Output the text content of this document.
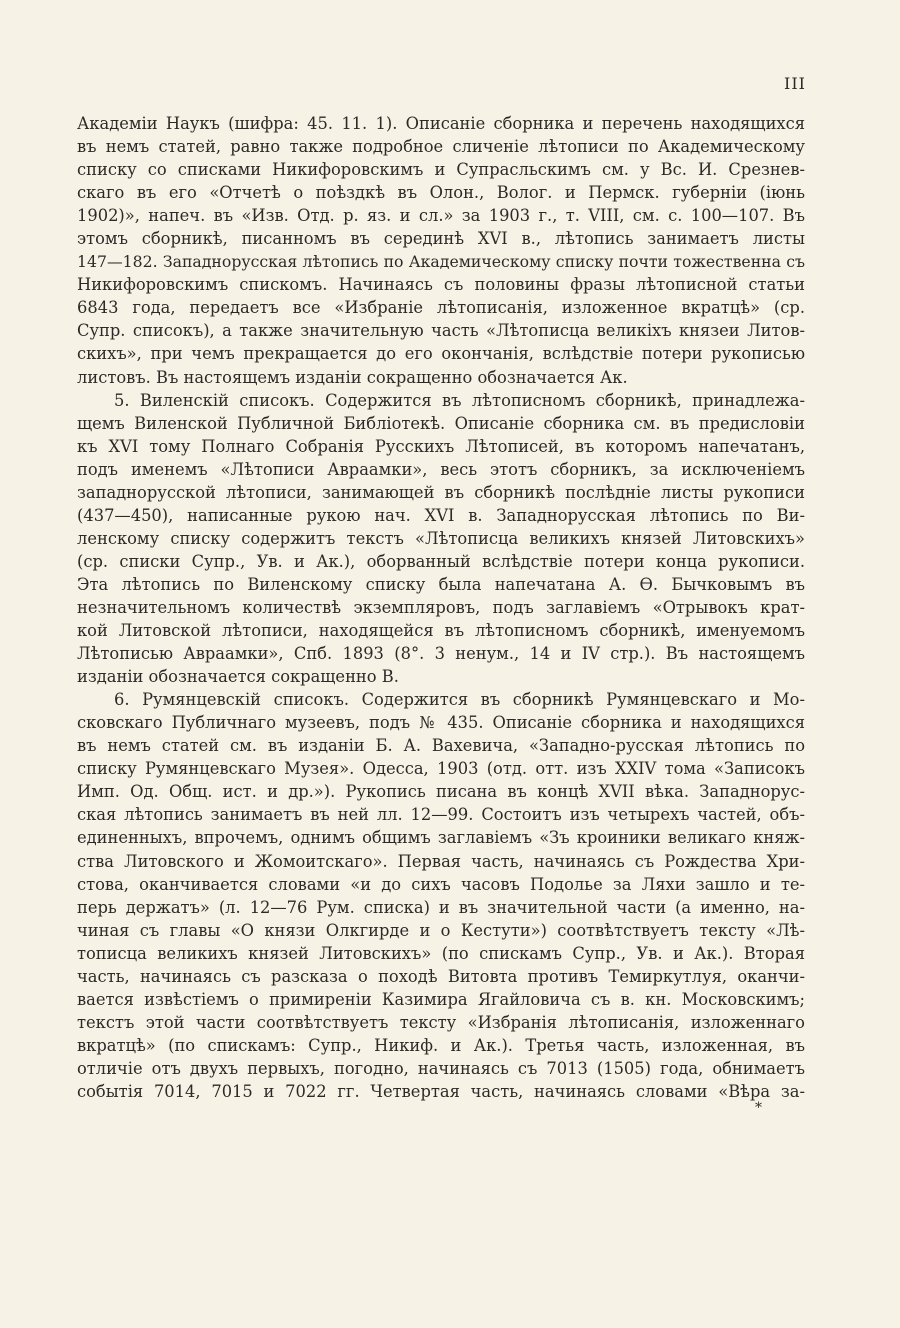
III
Академіи Наукъ (шифра: 45. 11. 1). Описаніе сборника и перечень находящихся
въ немъ статей, равно также подробное сличеніе лѣтописи по Академическому
списку со списками Никифоровскимъ и Супрасльскимъ см. у Вс. И. Срезнев-
скаго въ его «Отчетѣ о поѣздкѣ въ Олон., Волог. и Пермск. губерніи (іюнь
1902)», напеч. въ «Изв. Отд. р. яз. и сл.» за 1903 г., т. VIII, см. с. 100—107. Въ
этомъ сборникѣ, писанномъ въ серединѣ XVI в., лѣтопись занимаетъ листы
147—182. Западнорусская лѣтопись по Академическому списку почти тожественна съ
Никифоровскимъ спискомъ. Начинаясь съ половины фразы лѣтописной статьи
6843 года, передаетъ все «Избраніе лѣтописанія, изложенное вкратцѣ» (ср.
Супр. списокъ), а также значительную часть «Лѣтописца великіхъ князеи Литов-
скихъ», при чемъ прекращается до его окончанія, вслѣдствіе потери рукописью
листовъ. Въ настоящемъ изданіи сокращенно обозначается Ак.
5. Виленскій списокъ. Содержится въ лѣтописномъ сборникѣ, принадлежа-
щемъ Виленской Публичной Библіотекѣ. Описаніе сборника см. въ предисловіи
къ XVI тому Полнаго Собранія Русскихъ Лѣтописей, въ которомъ напечатанъ,
подъ именемъ «Лѣтописи Авраамки», весь этотъ сборникъ, за исключеніемъ
западнорусской лѣтописи, занимающей въ сборникѣ послѣдніе листы рукописи
(437—450), написанные рукою нач. XVI в. Западнорусская лѣтопись по Ви-
ленскому списку содержитъ текстъ «Лѣтописца великихъ князей Литовскихъ»
(ср. списки Супр., Ув. и Ак.), оборванный вслѣдствіе потери конца рукописи.
Эта лѣтопись по Виленскому списку была напечатана А. Ѳ. Бычковымъ въ
незначительномъ количествѣ экземпляровъ, подъ заглавіемъ «Отрывокъ крат-
кой Литовской лѣтописи, находящейся въ лѣтописномъ сборникѣ, именуемомъ
Лѣтописью Авраамки», Спб. 1893 (8°. 3 ненум., 14 и IV стр.). Въ настоящемъ
изданіи обозначается сокращенно В.
6. Румянцевскій списокъ. Содержится въ сборникѣ Румянцевскаго и Мо-
сковскаго Публичнаго музеевъ, подъ № 435. Описаніе сборника и находящихся
въ немъ статей см. въ изданіи Б. А. Вахевича, «Западно-русская лѣтопись по
списку Румянцевскаго Музея». Одесса, 1903 (отд. отт. изъ XXIV тома «Записокъ
Имп. Од. Общ. ист. и др.»). Рукопись писана въ концѣ XVII вѣка. Западнорус-
ская лѣтопись занимаетъ въ ней лл. 12—99. Состоитъ изъ четырехъ частей, объ-
единенныхъ, впрочемъ, однимъ общимъ заглавіемъ «Зъ кроиники великаго княж-
ства Литовского и Жомоитскаго». Первая часть, начинаясь съ Рождества Хри-
стова, оканчивается словами «и до сихъ часовъ Подолье за Ляхи зашло и те-
перь держатъ» (л. 12—76 Рум. списка) и въ значительной части (а именно, на-
чиная съ главы «О князи Олкгирде и о Кестути») соотвѣтствуетъ тексту «Лѣ-
тописца великихъ князей Литовскихъ» (по спискамъ Супр., Ув. и Ак.). Вторая
часть, начинаясь съ разсказа о походѣ Витовта противъ Темиркутлуя, оканчи-
вается извѣстіемъ о примиреніи Казимира Ягайловича съ в. кн. Московскимъ;
текстъ этой части соотвѣтствуетъ тексту «Избранія лѣтописанія, изложеннаго
вкратцѣ» (по спискамъ: Супр., Никиф. и Ак.). Третья часть, изложенная, въ
отличіе отъ двухъ первыхъ, погодно, начинаясь съ 7013 (1505) года, обнимаетъ
событія 7014, 7015 и 7022 гг. Четвертая часть, начинаясь словами «Вѣра за-
*
